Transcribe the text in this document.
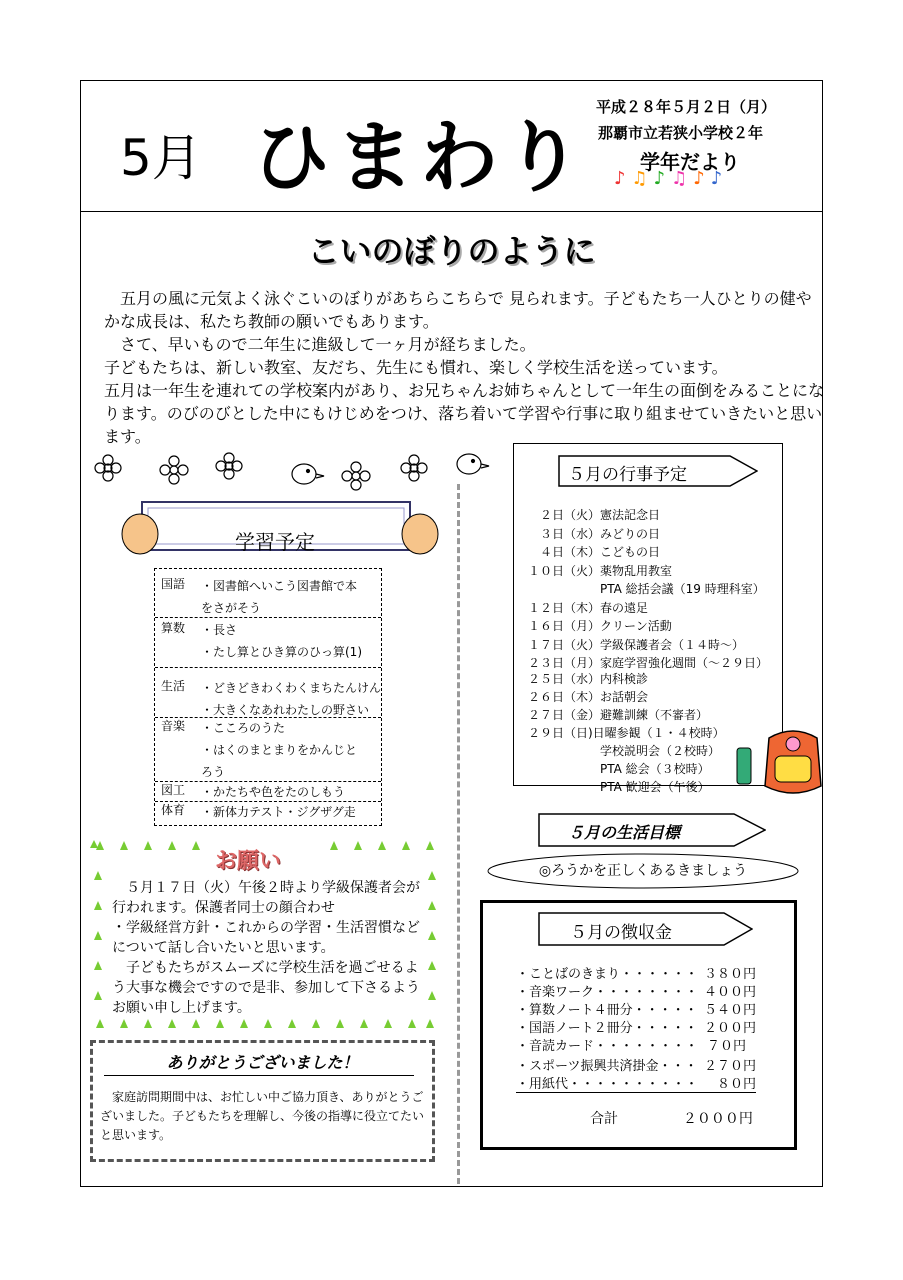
5月 ひまわり
平成２８年５月２日（月）
那覇市立若狭小学校２年
学年だより
♪ ♫ ♪ ♫ ♪ ♪
こいのぼりのように

　五月の風に元気よく泳ぐこいのぼりがあちらこちらで 見られます。子どもたち一人ひとりの健やかな成長は、私たち教師の願いでもあります。

　さて、早いもので二年生に進級して一ヶ月が経ちました。

子どもたちは、新しい教室、友だち、先生にも慣れ、楽しく学校生活を送っています。

五月は一年生を連れての学校案内があり、お兄ちゃんお姉ちゃんとして一年生の面倒をみることになります。のびのびとした中にもけじめをつけ、落ち着いて学習や行事に取り組ませていきたいと思います。

学習予定
国語 ・図書館へいこう図書館で本
をさがそう
算数 ・長さ
・たし算とひき算のひっ算(1)
生活 ・どきどきわくわくまちたんけん
・大きくなあれわたしの野さい
音楽 ・こころのうた
・はくのまとまりをかんじと
ろう
図工 ・かたちや色をたのしもう
体育 ・新体力テスト・ジグザグ走
お願い

　５月１７日（火）午後２時より学級保護者会が行われます。保護者同士の顔合わせ

・学級経営方針・これからの学習・生活習慣などについて話し合いたいと思います。

　子どもたちがスムーズに学校生活を過ごせるよう大事な機会ですので是非、参加して下さるようお願い申し上げます。

ありがとうございました！
　家庭訪問期間中は、お忙しい中ご協力頂き、ありがとうございました。子どもたちを理解し、今後の指導に役立てたいと思います。
５月の行事予定
　２日（火）憲法記念日
　３日（水）みどりの日
　４日（木）こどもの日
１０日（火）薬物乱用教室
　　　　　　PTA 総括会議（19 時理科室）
１２日（木）春の遠足
１６日（月）クリーン活動
１７日（火）学級保護者会（１４時～）
２３日（月）家庭学習強化週間（～２９日）
２５日（水）内科検診
２６日（木）お話朝会
２７日（金）避難訓練（不審者）
２９日（日)日曜参観（１・４校時）
　　　　　　学校説明会（２校時）
　　　　　　PTA 総会（３校時）
　　　　　　PTA 歓迎会（午後）
５月の生活目標
◎ろうかを正しくあるきましょう
５月の徴収金
・ことばのきまり・・・・・・ ３８０円
・音楽ワーク・・・・・・・・ ４００円
・算数ノート４冊分・・・・・ ５４０円
・国語ノート２冊分・・・・・ ２００円
・音読カード・・・・・・・・ ７０円
・スポーツ振興共済掛金・・・ ２７０円
・用紙代・・・・・・・・・・ ８０円
合計	２０００円
